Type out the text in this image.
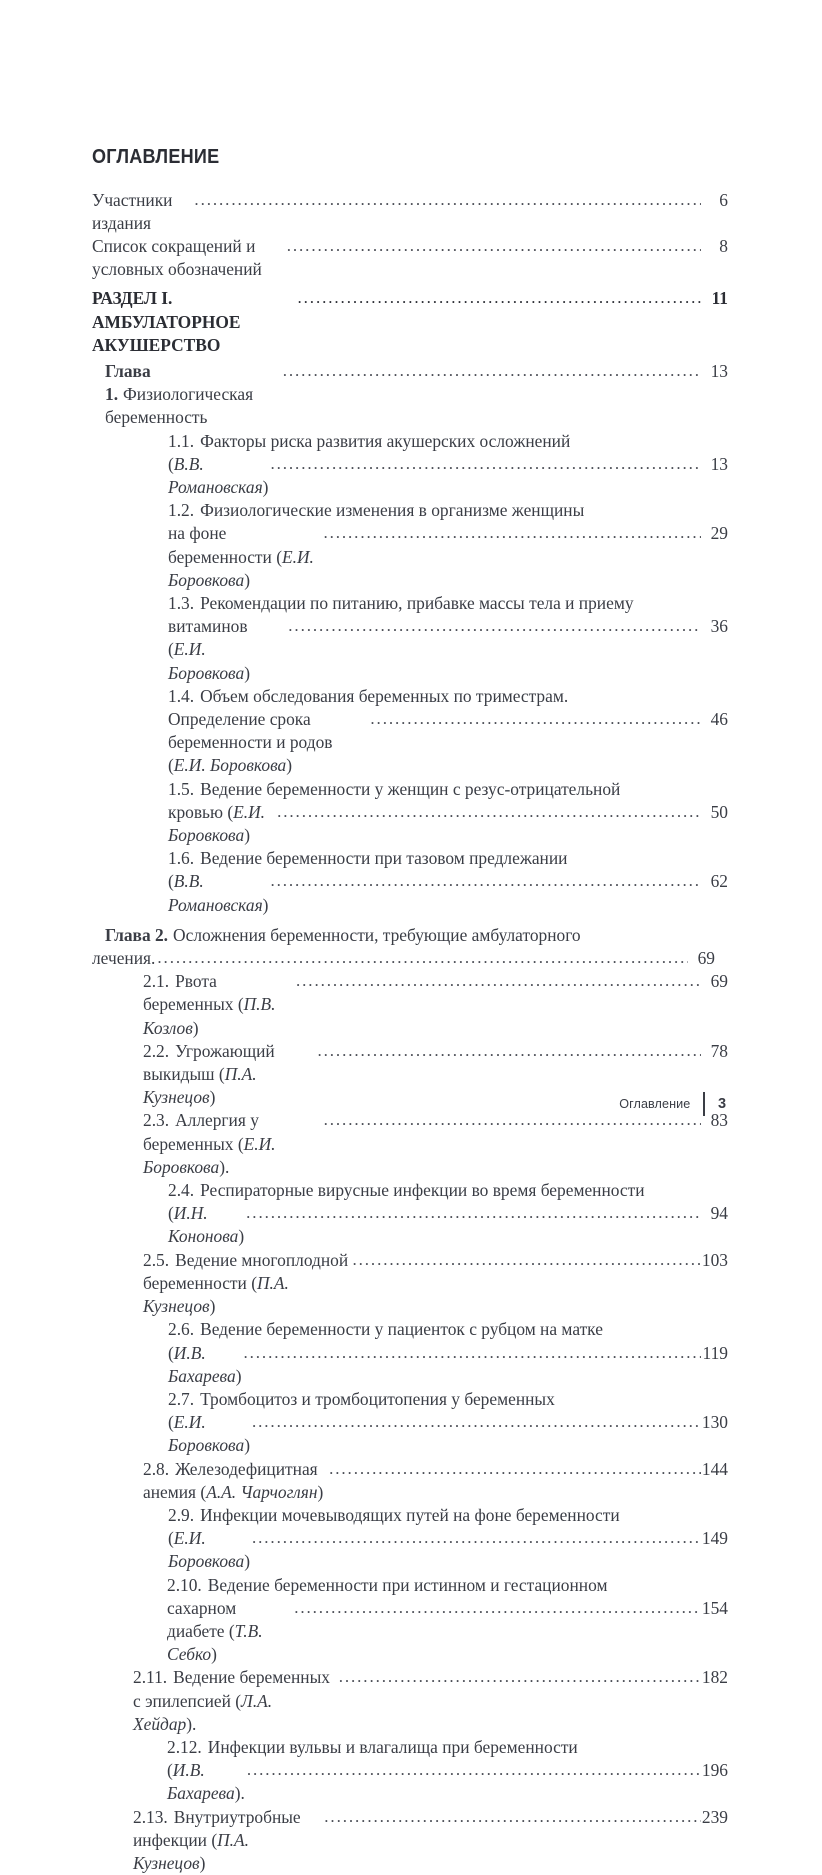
ОГЛАВЛЕНИЕ
Участники издания
.....
6
Список сокращений и условных обозначений
.....
8
РАЗДЕЛ I. АМБУЛАТОРНОЕ АКУШЕРСТВО
.....
11
Глава 1. Физиологическая беременность
.....
13
1.1. Факторы риска развития акушерских осложнений
(В.В. Романовская)
.....
13
1.2. Физиологические изменения в организме женщины
на фоне беременности (Е.И. Боровкова)
.....
29
1.3. Рекомендации по питанию, прибавке массы тела и приему
витаминов (Е.И. Боровкова)
.....
36
1.4. Объем обследования беременных по триместрам.
Определение срока беременности и родов (Е.И. Боровкова)
.....
46
1.5. Ведение беременности у женщин с резус-отрицательной
кровью (Е.И. Боровкова)
.....
50
1.6. Ведение беременности при тазовом предлежании
(В.В. Романовская)
.....
62
Глава 2. Осложнения беременности, требующие амбулаторного
лечения. .....	69
2.1. Рвота беременных (П.В. Козлов)
.....
69
2.2. Угрожающий выкидыш (П.А. Кузнецов)
.....
78
2.3. Аллергия у беременных (Е.И. Боровкова).
.....
83
2.4. Респираторные вирусные инфекции во время беременности
(И.Н. Кононова)
.....
94
2.5. Ведение многоплодной беременности (П.А. Кузнецов)
.....
103
2.6. Ведение беременности у пациенток с рубцом на матке
(И.В. Бахарева)
.....
119
2.7. Тромбоцитоз и тромбоцитопения у беременных
(Е.И. Боровкова)
.....
130
2.8. Железодефицитная анемия (А.А. Чарчоглян)
.....
144
2.9. Инфекции мочевыводящих путей на фоне беременности
(Е.И. Боровкова)
.....
149
2.10. Ведение беременности при истинном и гестационном
сахарном диабете (Т.В. Себко)
.....
154
2.11. Ведение беременных с эпилепсией (Л.А. Хейдар).
.....
182
2.12. Инфекции вульвы и влагалища при беременности
(И.В. Бахарева).
.....
196
2.13. Внутриутробные инфекции (П.А. Кузнецов)
.....
239
Оглавление	3
